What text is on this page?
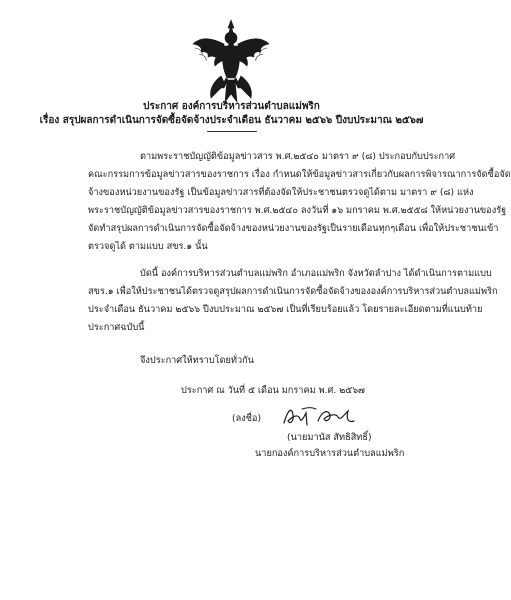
ประกาศ องค์การบริหารส่วนตำบลแม่พริก
เรื่อง สรุปผลการดำเนินการจัดซื้อจัดจ้างประจำเดือน ธันวาคม ๒๕๖๖ ปีงบประมาณ ๒๕๖๗
ตามพระราชบัญญัติข้อมูลข่าวสาร พ.ศ.๒๕๔๐ มาตรา ๙ (๘) ประกอบกับประกาศ
คณะกรรมการข้อมูลข่าวสารของราชการ เรื่อง กำหนดให้ข้อมูลข่าวสารเกี่ยวกับผลการพิจารณาการจัดซื้อจัด
จ้างของหน่วยงานของรัฐ เป็นข้อมูลข่าวสารที่ต้องจัดให้ประชาชนตรวจดูได้ตาม มาตรา ๙ (๘) แห่ง
พระราชบัญญัติข้อมูลข่าวสารของราชการ พ.ศ.๒๕๔๐ ลงวันที่ ๑๖ มกราคม พ.ศ.๒๕๕๘ ให้หน่วยงานของรัฐ
จัดทำสรุปผลการดำเนินการจัดซื้อจัดจ้างของหน่วยงานของรัฐเป็นรายเดือนทุกๆเดือน เพื่อให้ประชาชนเข้า
ตรวจดูได้ ตามแบบ สขร.๑ นั้น
บัดนี้ องค์การบริหารส่วนตำบลแม่พริก อำเภอแม่พริก จังหวัดลำปาง ได้ดำเนินการตามแบบ
สขร.๑ เพื่อให้ประชาชนได้ตรวจดูสรุปผลการดำเนินการจัดซื้อจัดจ้างขององค์การบริหารส่วนตำบลแม่พริก
ประจำเดือน ธันวาคม ๒๕๖๖ ปีงบประมาณ ๒๕๖๗ เป็นที่เรียบร้อยแล้ว โดยรายละเอียดตามที่แนบท้าย
ประกาศฉบับนี้
จึงประกาศให้ทราบโดยทั่วกัน
ประกาศ ณ วันที่ ๕ เดือน มกราคม พ.ศ. ๒๕๖๗
(ลงชื่อ)
(นายมานัส สัทธิสิทธิ์)
นายกองค์การบริหารส่วนตำบลแม่พริก
